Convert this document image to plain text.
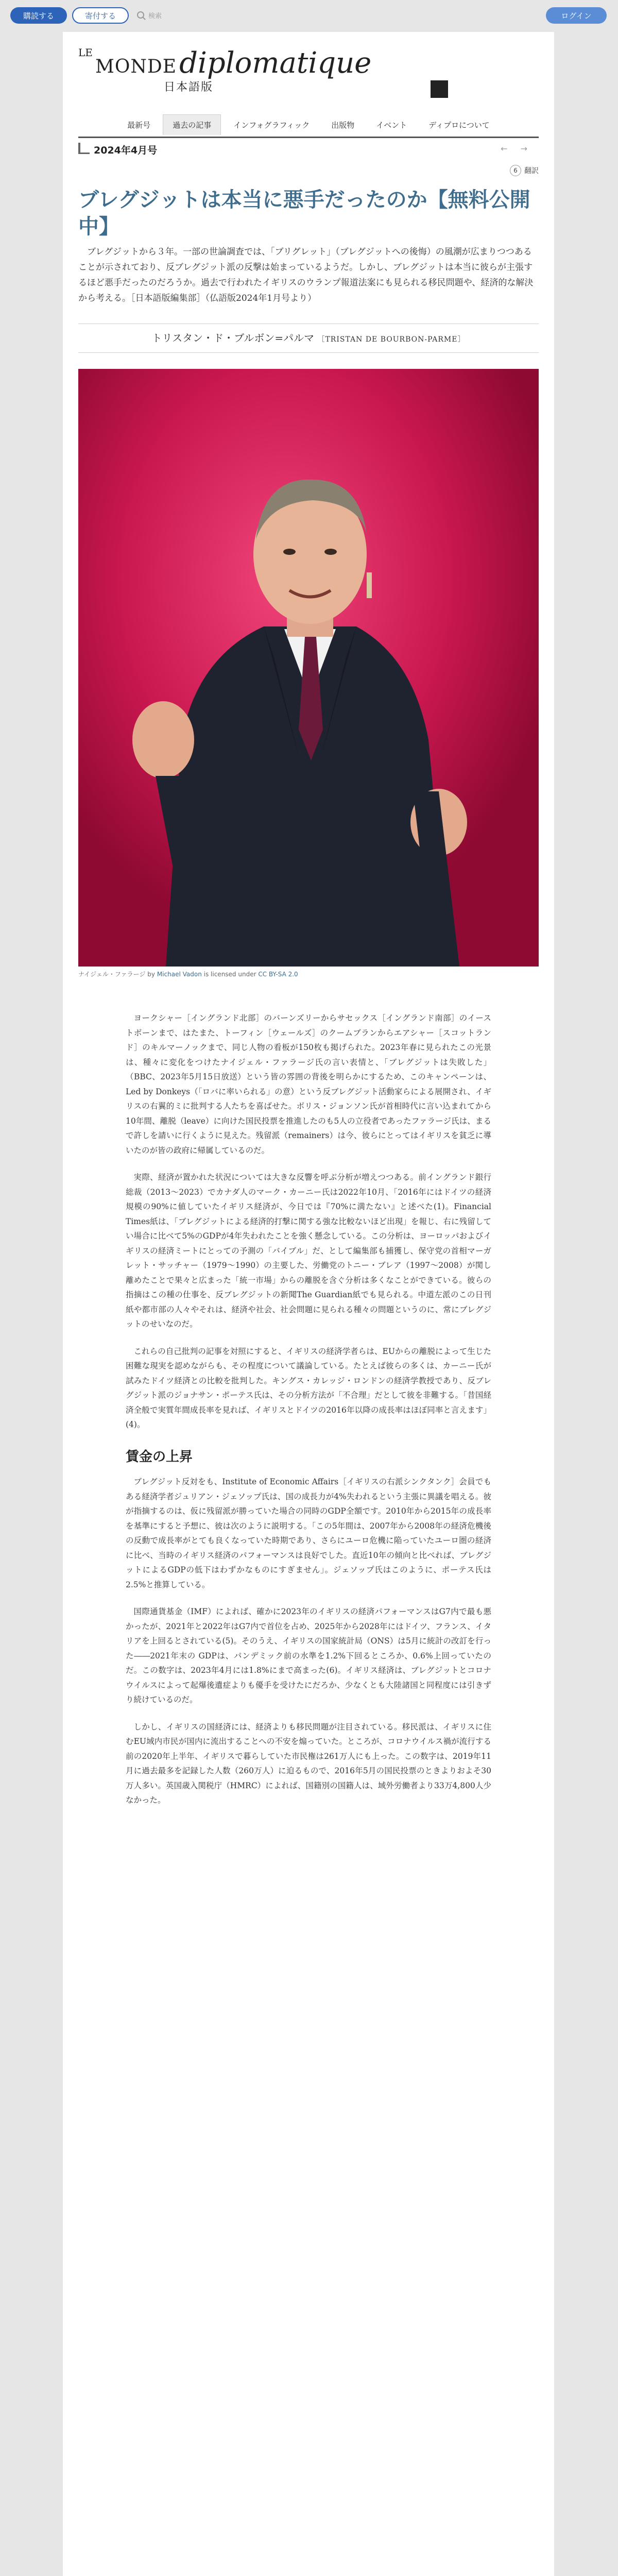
購読する	寄付する	検索	ログイン
LE MONDE diplomatique
日本語版
最新号	過去の記事	インフォグラフィック	出版物	イベント	ディプロについて
2024年4月号	← →
6 翻訳
ブレグジットは本当に悪手だったのか【無料公開中】

ブレグジットから３年。一部の世論調査では、「ブリグレット」（ブレグジットへの後悔）の風潮が広まりつつあることが示されており、反ブレグジット派の反撃は始まっているようだ。しかし、ブレグジットは本当に彼らが主張するほど悪手だったのだろうか。過去で行われたイギリスのウランプ報道法案にも見られる移民問題や、経済的な解決から考える。［日本語版編集部］（仏語版2024年1月号より）

トリスタン・ド・ブルボン=パルマ ［TRISTAN DE BOURBON-PARME］
ナイジェル・ファラージ by Michael Vadon is licensed under CC BY-SA 2.0

ヨークシャー［イングランド北部］のバーンズリーからサセックス［イングランド南部］のイーストボーンまで、はたまた、トーフィン［ウェールズ］のクームブランからエアシャー［スコットランド］のキルマーノックまで、同じ人物の看板が150枚も掲げられた。2023年春に見られたこの光景は、種々に変化をつけたナイジェル・ファラージ氏の言い表情と、「ブレグジットは失敗した」（BBC、2023年5月15日放送）という皆の雰囲の背後を明らかにするため、このキャンペーンは、Led by Donkeys（「ロバに率いられる」の意）という反ブレグジット活動家らによる展開され、イギリスの右翼的ミに批判する人たちを喜ばせた。ボリス・ジョンソン氏が首相時代に言い込まれてから10年間、離脱（leave）に向けた国民投票を推進したのも5人の立役者であったファラージ氏は、まるで許しを請いに行くように見えた。残留派（remainers）は今、彼らにとってはイギリスを貧乏に導いたのが皆の政府に帰属しているのだ。

実際、経済が置かれた状況については大きな反響を呼ぶ分析が増えつつある。前イングランド銀行総裁（2013〜2023）でカナダ人のマーク・カーニー氏は2022年10月、「2016年にはドイツの経済規模の90%に値していたイギリス経済が、今日では『70%に満たない』と述べた(1)。Financial Times紙は、「ブレグジットによる経済的打撃に関する強な比較ないほど出現」を報じ、右に残留してい場合に比べて5%のGDPが4年失われたことを強く懸念している。この分析は、ヨーロッパおよびイギリスの経済ミートにとっての予測の「バイブル」だ、として編集部も捕獲し、保守党の首相マーガレット・サッチャー（1979〜1990）の主要した、労働党のトニー・ブレア（1997〜2008）が関し離めたことで果々と広まった「統一市場」からの離脱を含ぐ分析は多くなことができている。彼らの指摘はこの種の仕事を、反ブレグジットの新聞The Guardian紙でも見られる。中道左派のこの日刊紙や都市部の人々やそれは、経済や社会、社会問題に見られる種々の問題というのに、常にブレグジットのせいなのだ。

これらの自己批判の記事を対照にすると、イギリスの経済学者らは、EUからの離脱によって生じた困難な現実を認めながらも、その程度について議論している。たとえば彼らの多くは、カーニー氏が試みたドイツ経済との比較を批判した。キングス・カレッジ・ロンドンの経済学教授であり、反ブレグジット派のジョナサン・ポーテス氏は、その分析方法が「不合理」だとして彼を非難する。「昔国経済全般で実質年間成長率を見れば、イギリスとドイツの2016年以降の成長率はほぼ同率と言えます」(4)。

賃金の上昇

ブレグジット反対をも、Institute of Economic Affairs［イギリスの右派シンクタンク］会員でもある経済学者ジュリアン・ジェソップ氏は、国の成長力が4%失われるという主張に異議を唱える。彼が指摘するのは、仮に残留派が勝っていた場合の同時のGDP全額です。2010年から2015年の成長率を基準にすると予想に、彼は次のように説明する。「この5年間は、2007年から2008年の経済危機後の反動で成長率がとても良くなっていた時期であり、さらにユーロ危機に陥っていたユーロ圏の経済に比べ、当時のイギリス経済のパフォーマンスは良好でした。直近10年の傾向と比べれば、ブレグジットによるGDPの低下はわずかなものにすぎません」。ジェソップ氏はこのように、ポーテス氏は2.5%と推算している。

国際通貨基金（IMF）によれば、確かに2023年のイギリスの経済パフォーマンスはG7内で最も悪かったが、2021年と2022年はG7内で首位を占め、2025年から2028年にはドイツ、フランス、イタリアを上回るとされている(5)。そのうえ、イギリスの国家統計局（ONS）は5月に統計の改訂を行った――2021年末の GDPは、パンデミック前の水準を1.2%下回るところか、0.6%上回っていたのだ。この数字は、2023年4月には1.8%にまで高まった(6)。イギリス経済は、ブレグジットとコロナウイルスによって起爆後遺症よりも優手を受けたにだろか、少なくとも大陸諸国と同程度には引きずり続けているのだ。

しかし、イギリスの国経済には、経済よりも移民問題が注目されている。移民派は、イギリスに住むEU域内市民が国内に流出することへの不安を煽っていた。ところが、コロナウイルス禍が流行する前の2020年上半年、イギリスで暮らしていた市民権は261万人にも上った。この数字は、2019年11月に過去最多を記録した人数（260万人）に迫るもので、2016年5月の国民投票のときよりおよそ30万人多い。英国歳入関税庁（HMRC）によれば、国籍別の国籍人は、域外労働者より33万4,800人少なかった。
